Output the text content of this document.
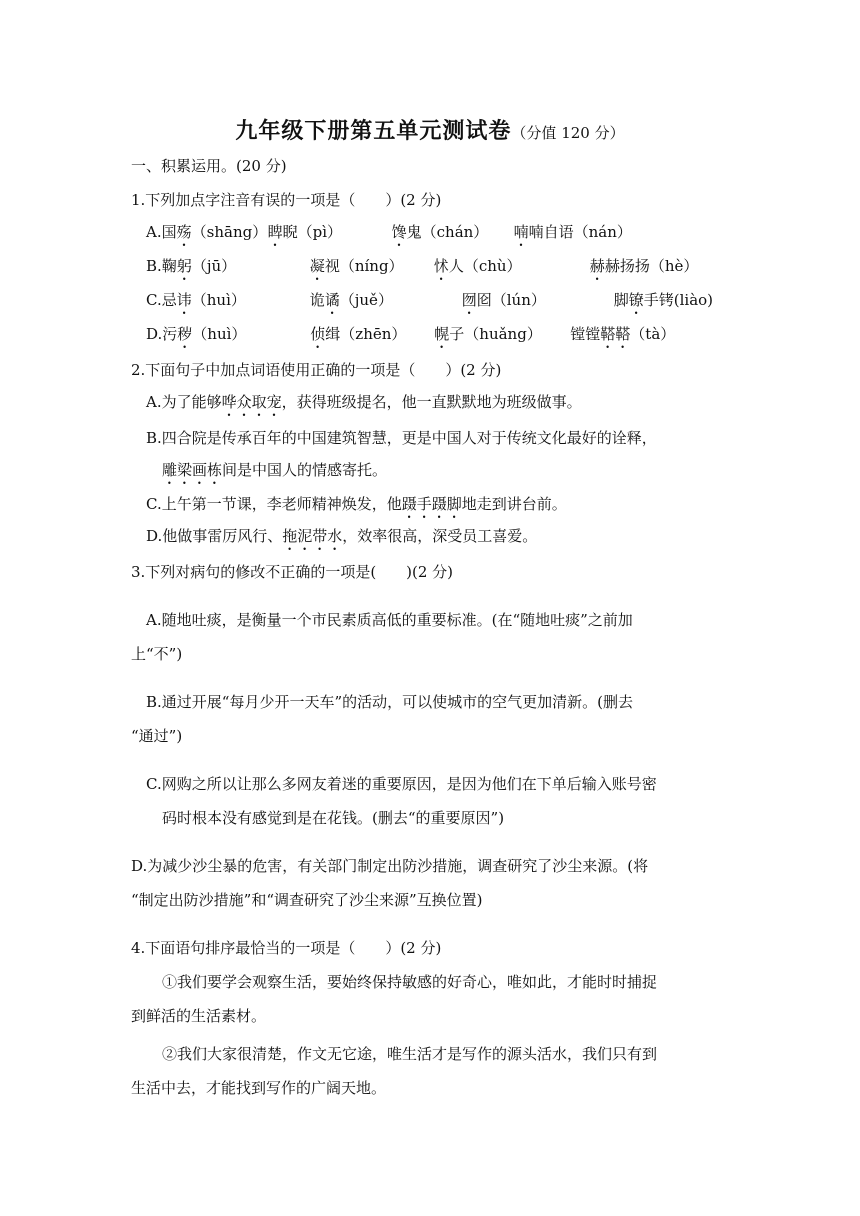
九年级下册第五单元测试卷（分值 120 分）
一、积累运用。(20 分)
1.下列加点字注音有误的一项是（　　）(2 分)
A.国殇（shāng）睥睨（pì）	馋鬼（chán） 喃喃自语（nán）
B.鞠躬（jū）	凝视（níng） 怵人（chù）	赫赫扬扬（hè）
C.忌讳（huì）	诡谲（juě）	囫囵（lún）	脚镣手铐(liào)
D.污秽（huì）	侦缉（zhēn） 幌子（huǎng） 镗镗鞳鞳（tà）
2.下面句子中加点词语使用正确的一项是（　　）(2 分)
A.为了能够哗众取宠，获得班级提名，他一直默默地为班级做事。
B.四合院是传承百年的中国建筑智慧，更是中国人对于传统文化最好的诠释，
雕梁画栋间是中国人的情感寄托。
C.上午第一节课，李老师精神焕发，他蹑手蹑脚地走到讲台前。
D.他做事雷厉风行、拖泥带水，效率很高，深受员工喜爱。
3.下列对病句的修改不正确的一项是(　　)(2 分)
A.随地吐痰，是衡量一个市民素质高低的重要标准。(在“随地吐痰”之前加
上“不”)
B.通过开展“每月少开一天车”的活动，可以使城市的空气更加清新。(删去
“通过”)
C.网购之所以让那么多网友着迷的重要原因，是因为他们在下单后输入账号密
码时根本没有感觉到是在花钱。(删去“的重要原因”)
D.为减少沙尘暴的危害，有关部门制定出防沙措施，调查研究了沙尘来源。(将
“制定出防沙措施”和“调查研究了沙尘来源”互换位置)
4.下面语句排序最恰当的一项是（　　）(2 分)
①我们要学会观察生活，要始终保持敏感的好奇心，唯如此，才能时时捕捉
到鲜活的生活素材。
②我们大家很清楚，作文无它途，唯生活才是写作的源头活水，我们只有到
生活中去，才能找到写作的广阔天地。
